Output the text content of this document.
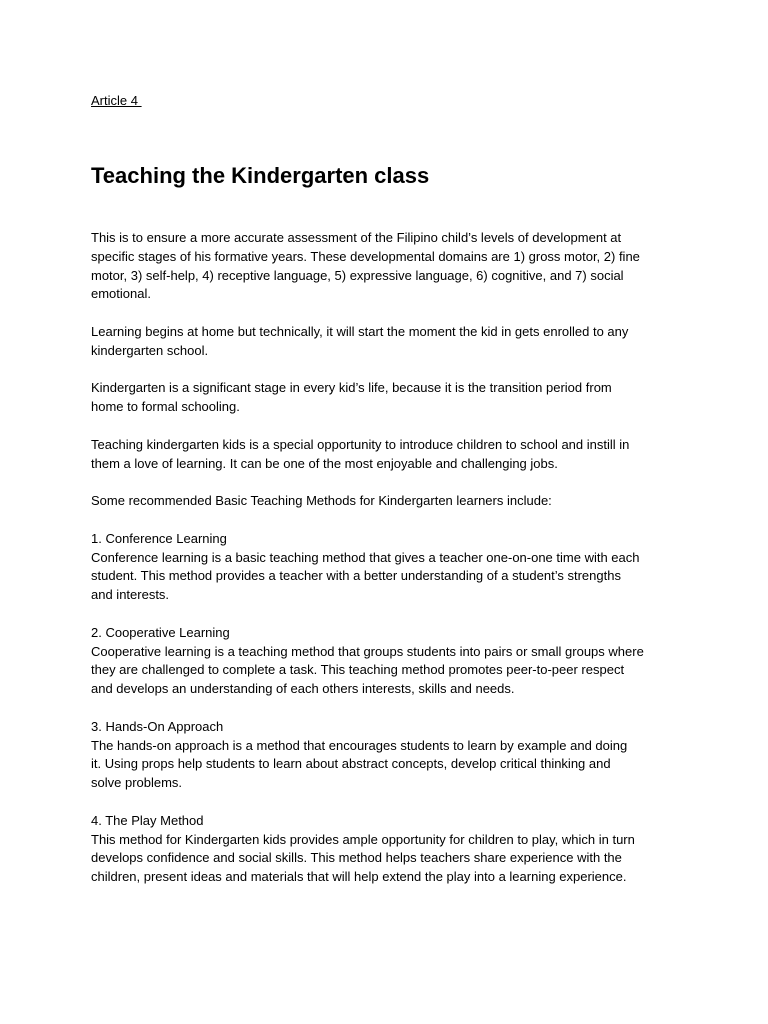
Article 4
Teaching the Kindergarten class

This is to ensure a more accurate assessment of the Filipino child’s levels of development at
specific stages of his formative years. These developmental domains are 1) gross motor, 2) fine
motor, 3) self-help, 4) receptive language, 5) expressive language, 6) cognitive, and 7) social
emotional.

Learning begins at home but technically, it will start the moment the kid in gets enrolled to any
kindergarten school.

Kindergarten is a significant stage in every kid’s life, because it is the transition period from
home to formal schooling.

Teaching kindergarten kids is a special opportunity to introduce children to school and instill in
them a love of learning. It can be one of the most enjoyable and challenging jobs.

Some recommended Basic Teaching Methods for Kindergarten learners include:

1. Conference Learning
Conference learning is a basic teaching method that gives a teacher one-on-one time with each
student. This method provides a teacher with a better understanding of a student’s strengths
and interests.
2. Cooperative Learning
Cooperative learning is a teaching method that groups students into pairs or small groups where
they are challenged to complete a task. This teaching method promotes peer-to-peer respect
and develops an understanding of each others interests, skills and needs.
3. Hands-On Approach
The hands-on approach is a method that encourages students to learn by example and doing
it. Using props help students to learn about abstract concepts, develop critical thinking and
solve problems.
4. The Play Method
This method for Kindergarten kids provides ample opportunity for children to play, which in turn
develops confidence and social skills. This method helps teachers share experience with the
children, present ideas and materials that will help extend the play into a learning experience.
